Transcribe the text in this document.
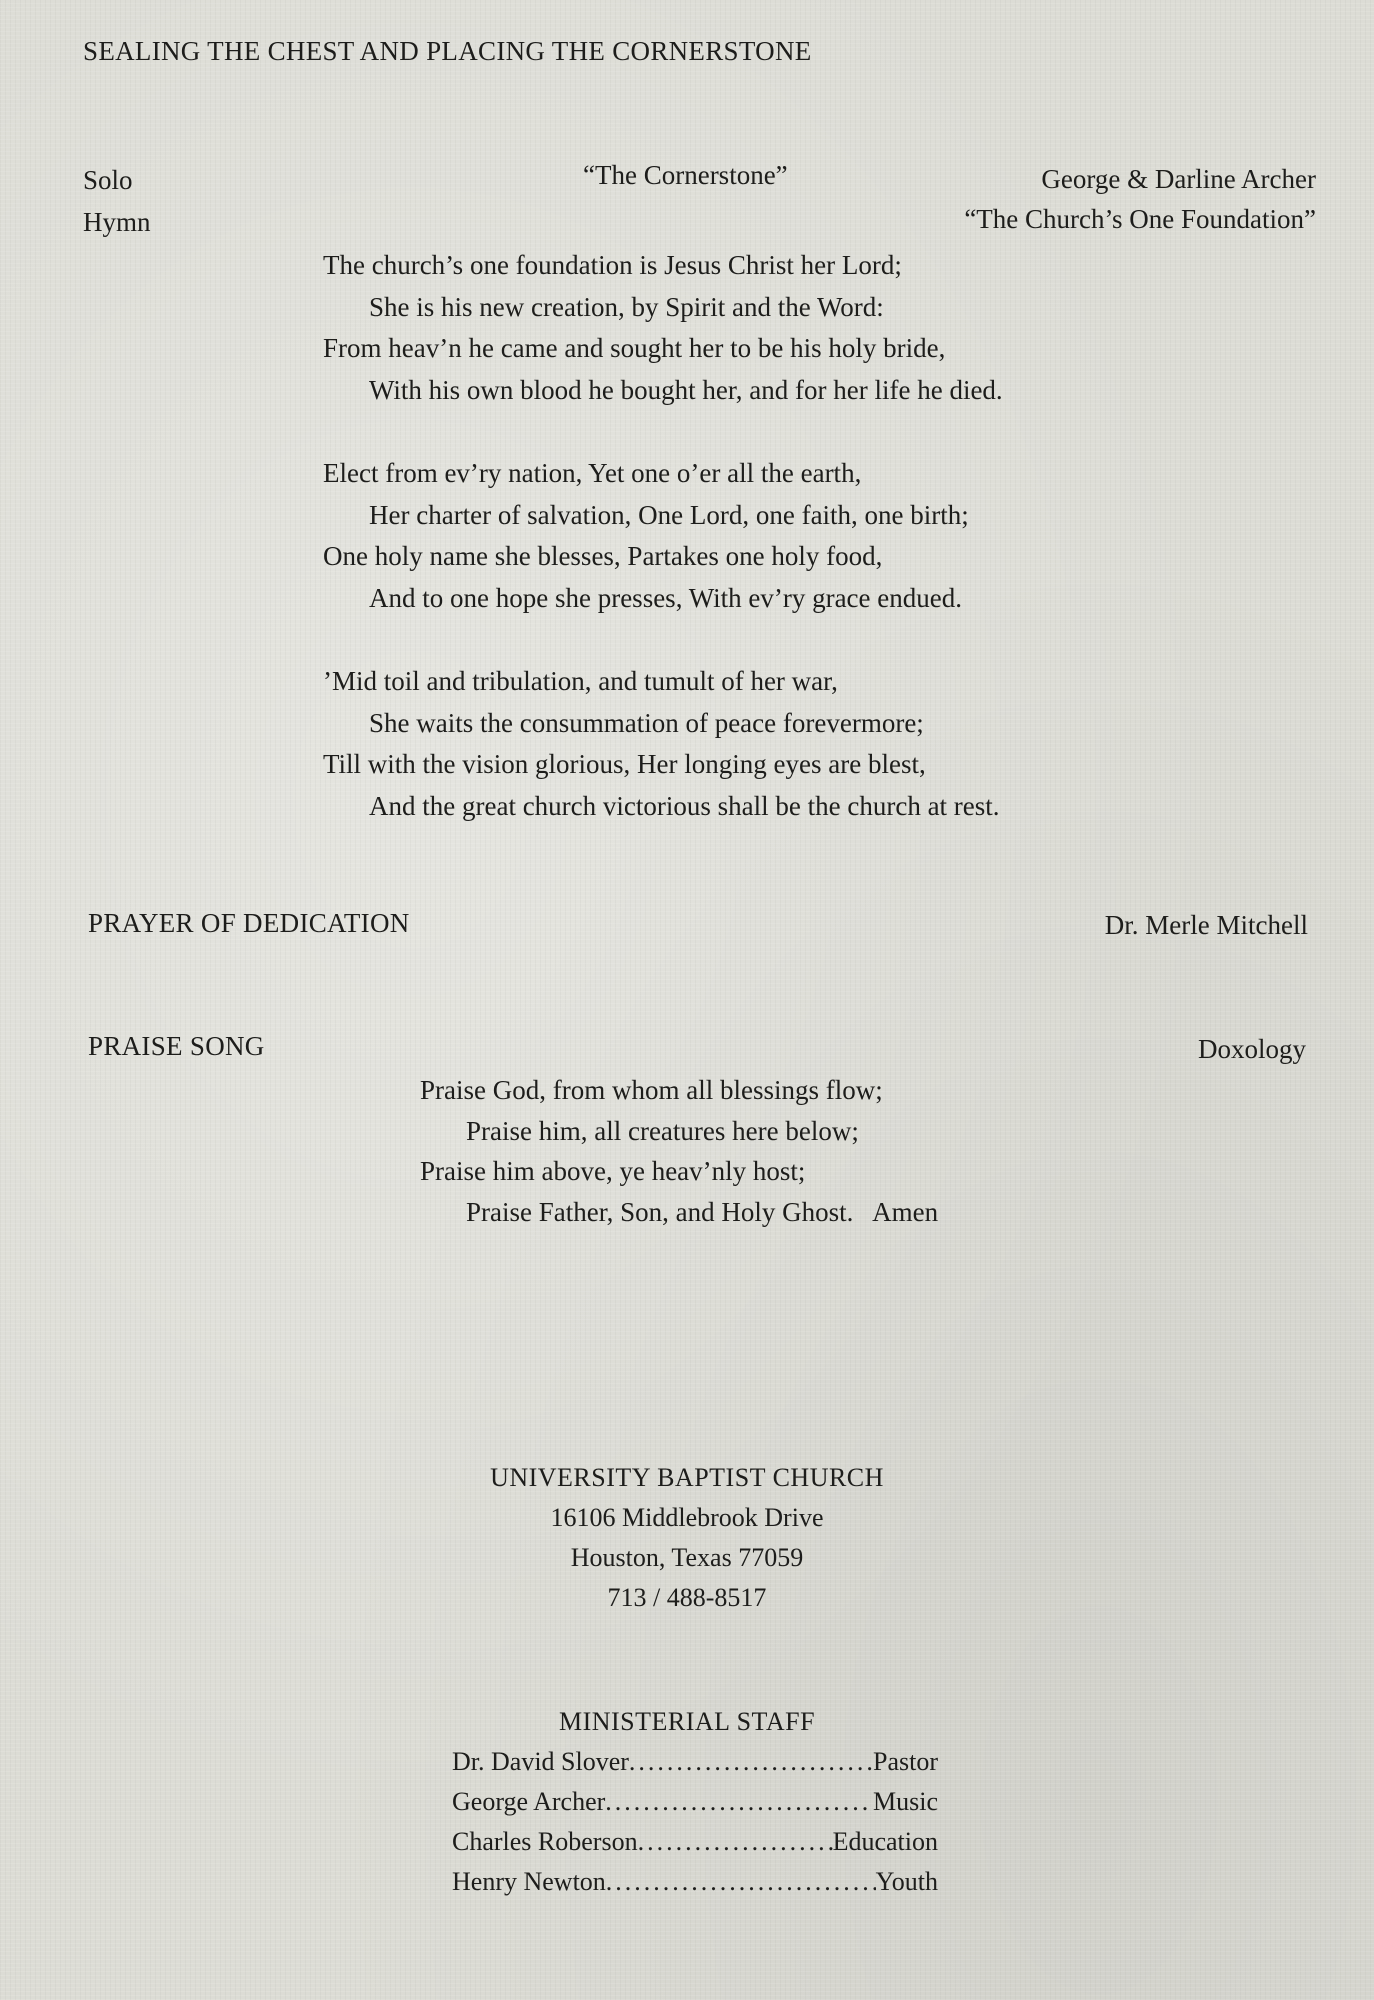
SEALING THE CHEST AND PLACING THE CORNERSTONE
Solo	“The Cornerstone”	George & Darline Archer
Hymn	“The Church’s One Foundation”
The church’s one foundation is Jesus Christ her Lord;
She is his new creation, by Spirit and the Word:
From heav’n he came and sought her to be his holy bride,
With his own blood he bought her, and for her life he died.
Elect from ev’ry nation, Yet one o’er all the earth,
Her charter of salvation, One Lord, one faith, one birth;
One holy name she blesses, Partakes one holy food,
And to one hope she presses, With ev’ry grace endued.
’Mid toil and tribulation, and tumult of her war,
She waits the consummation of peace forevermore;
Till with the vision glorious, Her longing eyes are blest,
And the great church victorious shall be the church at rest.
PRAYER OF DEDICATION	Dr. Merle Mitchell
PRAISE SONG	Doxology
Praise God, from whom all blessings flow;
Praise him, all creatures here below;
Praise him above, ye heav’nly host;
Praise Father, Son, and Holy Ghost.   Amen
UNIVERSITY BAPTIST CHURCH
16106 Middlebrook Drive
Houston, Texas 77059
713 / 488-8517
MINISTERIAL STAFF
Dr. David Slover .....	Pastor
George Archer .....	Music
Charles Roberson .....	Education
Henry Newton .....	Youth
